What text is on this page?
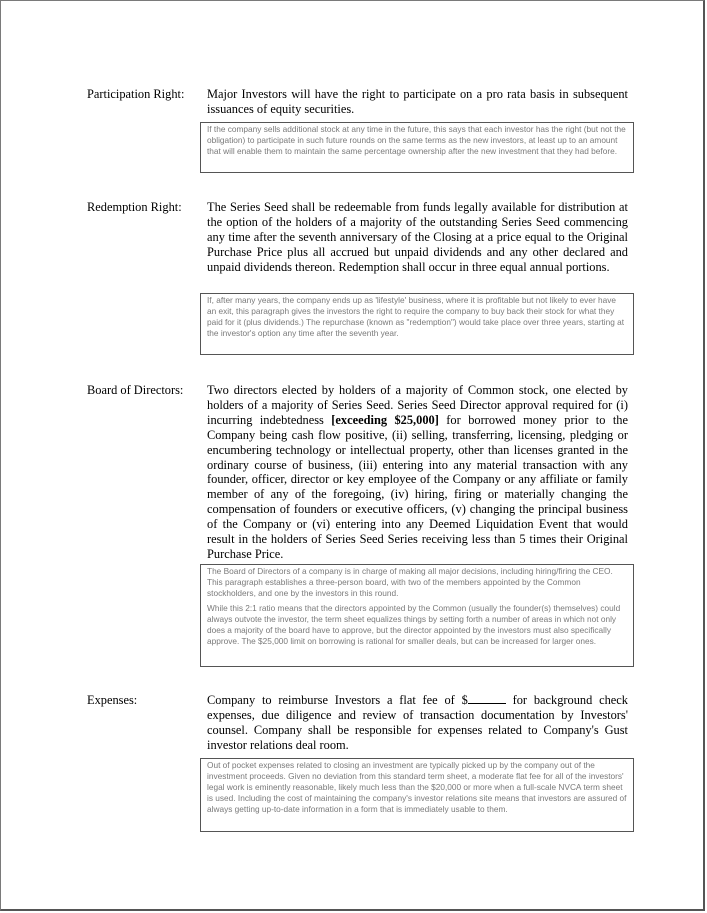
Participation Right: Major Investors will have the right to participate on a pro rata basis in subsequent issuances of equity securities.

If the company sells additional stock at any time in the future, this says that each investor has the right (but not the obligation) to participate in such future rounds on the same terms as the new investors, at least up to an amount that will enable them to maintain the same percentage ownership after the new investment that they had before.

Redemption Right: The Series Seed shall be redeemable from funds legally available for distribution at the option of the holders of a majority of the outstanding Series Seed commencing any time after the seventh anniversary of the Closing at a price equal to the Original Purchase Price plus all accrued but unpaid dividends and any other declared and unpaid dividends thereon. Redemption shall occur in three equal annual portions.

If, after many years, the company ends up as 'lifestyle' business, where it is profitable but not likely to ever have an exit, this paragraph gives the investors the right to require the company to buy back their stock for what they paid for it (plus dividends.) The repurchase (known as "redemption") would take place over three years, starting at the investor's option any time after the seventh year.

Board of Directors: Two directors elected by holders of a majority of Common stock, one elected by holders of a majority of Series Seed. Series Seed Director approval required for (i) incurring indebtedness [exceeding $25,000] for borrowed money prior to the Company being cash flow positive, (ii) selling, transferring, licensing, pledging or encumbering technology or intellectual property, other than licenses granted in the ordinary course of business, (iii) entering into any material transaction with any founder, officer, director or key employee of the Company or any affiliate or family member of any of the foregoing, (iv) hiring, firing or materially changing the compensation of founders or executive officers, (v) changing the principal business of the Company or (vi) entering into any Deemed Liquidation Event that would result in the holders of Series Seed Series receiving less than 5 times their Original Purchase Price.

The Board of Directors of a company is in charge of making all major decisions, including hiring/firing the CEO. This paragraph establishes a three-person board, with two of the members appointed by the Common stockholders, and one by the investors in this round.

While this 2:1 ratio means that the directors appointed by the Common (usually the founder(s) themselves) could always outvote the investor, the term sheet equalizes things by setting forth a number of areas in which not only does a majority of the board have to approve, but the director appointed by the investors must also specifically approve. The $25,000 limit on borrowing is rational for smaller deals, but can be increased for larger ones.

Expenses:	Company to reimburse Investors a flat fee of $	for background check expenses, due diligence and review of transaction documentation by Investors' counsel. Company shall be responsible for expenses related to Company's Gust investor relations deal room.

Out of pocket expenses related to closing an investment are typically picked up by the company out of the investment proceeds. Given no deviation from this standard term sheet, a moderate flat fee for all of the investors' legal work is eminently reasonable, likely much less than the $20,000 or more when a full-scale NVCA term sheet is used. Including the cost of maintaining the company's investor relations site means that investors are assured of always getting up-to-date information in a form that is immediately usable to them.
